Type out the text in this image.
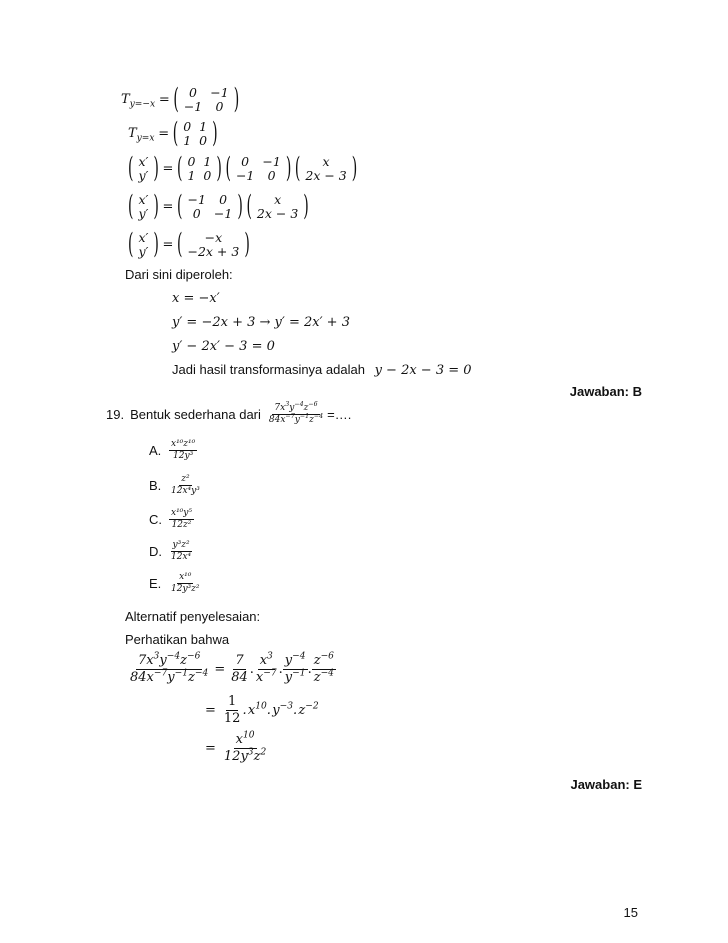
$T_{y=-x}$ = ( 0	−1
−1	0 )
$T_{y=x}$ = ( 0	1
1	0 )
( x′
y′ ) = ( 0	1
1	0 )
( 0	−1
−1	0 )
( x
2x − 3 )
( x′
y′ ) = ( −1	0
0	−1 )
( x
2x − 3 )
( x′
y′ ) = ( −x
−2x + 3 )
Dari sini diperoleh:
x = −x′
y′ = −2x + 3 → y′ = 2x′ + 3
y′ − 2x′ − 3 = 0
Jadi hasil transformasinya adalah y − 2x − 3 = 0
Jawaban: B
19. Bentuk sederhana dari $\frac{7x^3y^{-4}z^{-6}}{84x^{-7}y^{-1}z^{-4}}$ =….
A. $\frac{\text{x¹⁰z¹⁰}}{\text{12y³}}$
B. $\frac{\text{z²}}{\text{12x⁴y³}}$
C. $\frac{\text{x¹⁰y⁵}}{\text{12z²}}$
D. $\frac{\text{y³z²}}{\text{12x⁴}}$
E. $\frac{\text{x¹⁰}}{\text{12y³z²}}$
Alternatif penyelesaian:
Perhatikan bahwa
$\frac{7x^3y^{-4}z^{-6}}{84x^{-7}y^{-1}z^{-4}} = \frac{7}{84}$ . $\frac{x^3}{x^{-7}}$ . $\frac{y^{-4}}{y^{-1}}$ . $\frac{z^{-6}}{z^{-4}}$
= $\frac{1}{12}$ . $x^{10}$. $y^{-3}$. $z^{-2}$
= $\frac{x^{10}}{12y^3z^2}$
Jawaban: E
15
